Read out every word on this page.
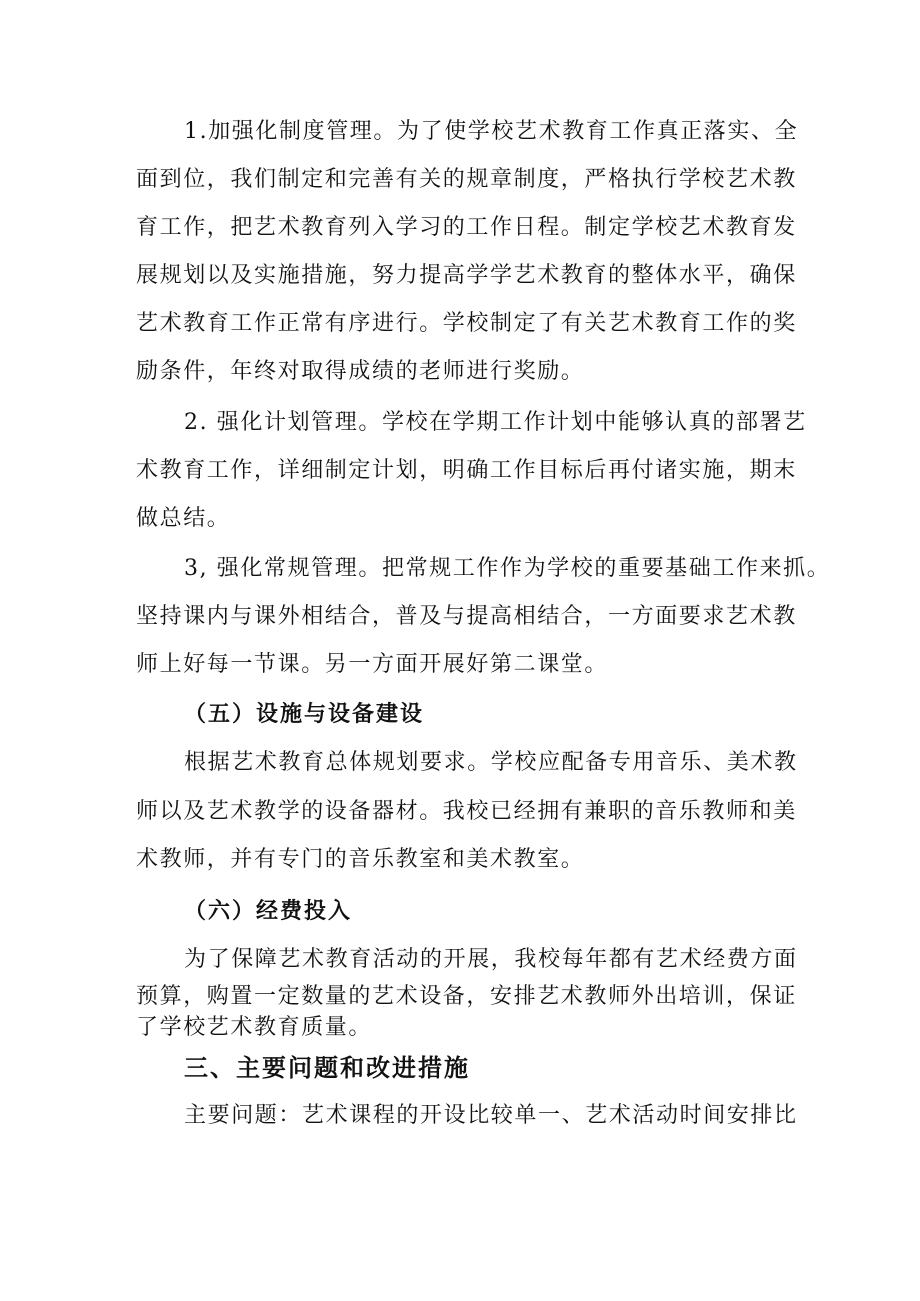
1.加强化制度管理。为了使学校艺术教育工作真正落实、全
面到位，我们制定和完善有关的规章制度，严格执行学校艺术教
育工作，把艺术教育列入学习的工作日程。制定学校艺术教育发
展规划以及实施措施，努力提高学学艺术教育的整体水平，确保
艺术教育工作正常有序进行。学校制定了有关艺术教育工作的奖
励条件，年终对取得成绩的老师进行奖励。
2. 强化计划管理。学校在学期工作计划中能够认真的部署艺
术教育工作，详细制定计划，明确工作目标后再付诸实施，期末
做总结。
3, 强化常规管理。把常规工作作为学校的重要基础工作来抓。
坚持课内与课外相结合，普及与提高相结合，一方面要求艺术教
师上好每一节课。另一方面开展好第二课堂。
（五）设施与设备建设
根据艺术教育总体规划要求。学校应配备专用音乐、美术教
师以及艺术教学的设备器材。我校已经拥有兼职的音乐教师和美
术教师，并有专门的音乐教室和美术教室。
（六）经费投入
为了保障艺术教育活动的开展，我校每年都有艺术经费方面
预算，购置一定数量的艺术设备，安排艺术教师外出培训，保证
了学校艺术教育质量。
三、主要问题和改进措施
主要问题：艺术课程的开设比较单一、艺术活动时间安排比
